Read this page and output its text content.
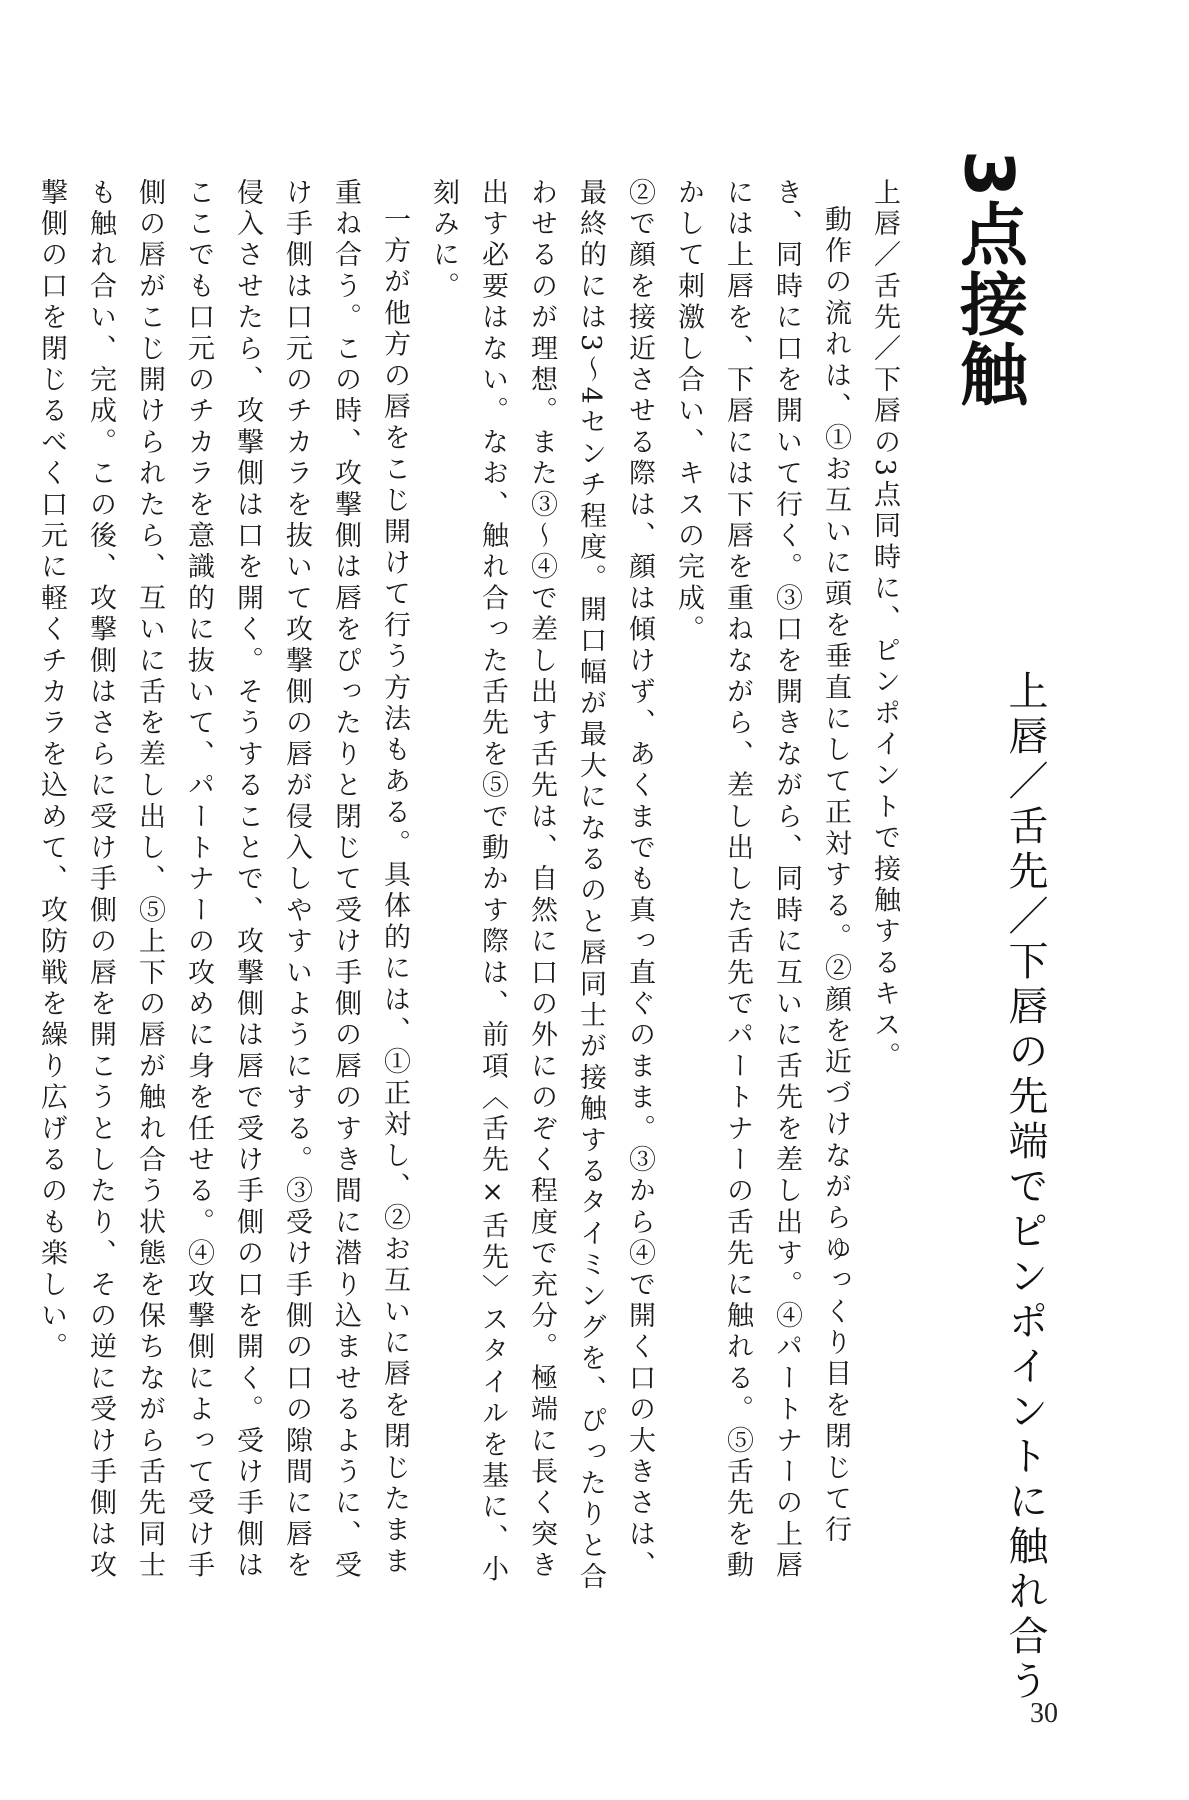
3点接触
上唇／舌先／下唇の先端でピンポイントに触れ合う

上唇／舌先／下唇の3点同時に、ピンポイントで接触するキス。

動作の流れは、①お互いに頭を垂直にして正対する。②顔を近づけながらゆっくり目を閉じて行き、同時に口を開いて行く。③口を開きながら、同時に互いに舌先を差し出す。④パートナーの上唇には上唇を、下唇には下唇を重ねながら、差し出した舌先でパートナーの舌先に触れる。⑤舌先を動かして刺激し合い、キスの完成。

②で顔を接近させる際は、顔は傾けず、あくまでも真っ直ぐのまま。③から④で開く口の大きさは、最終的には3〜4センチ程度。開口幅が最大になるのと唇同士が接触するタイミングを、ぴったりと合わせるのが理想。また③〜④で差し出す舌先は、自然に口の外にのぞく程度で充分。極端に長く突き出す必要はない。なお、触れ合った舌先を⑤で動かす際は、前項〈舌先×舌先〉スタイルを基に、小刻みに。

一方が他方の唇をこじ開けて行う方法もある。具体的には、①正対し、②お互いに唇を閉じたまま重ね合う。この時、攻撃側は唇をぴったりと閉じて受け手側の唇のすき間に潜り込ませるように、受け手側は口元のチカラを抜いて攻撃側の唇が侵入しやすいようにする。③受け手側の口の隙間に唇を侵入させたら、攻撃側は口を開く。そうすることで、攻撃側は唇で受け手側の口を開く。受け手側はここでも口元のチカラを意識的に抜いて、パートナーの攻めに身を任せる。④攻撃側によって受け手側の唇がこじ開けられたら、互いに舌を差し出し、⑤上下の唇が触れ合う状態を保ちながら舌先同士も触れ合い、完成。この後、攻撃側はさらに受け手側の唇を開こうとしたり、その逆に受け手側は攻撃側の口を閉じるべく口元に軽くチカラを込めて、攻防戦を繰り広げるのも楽しい。

30
